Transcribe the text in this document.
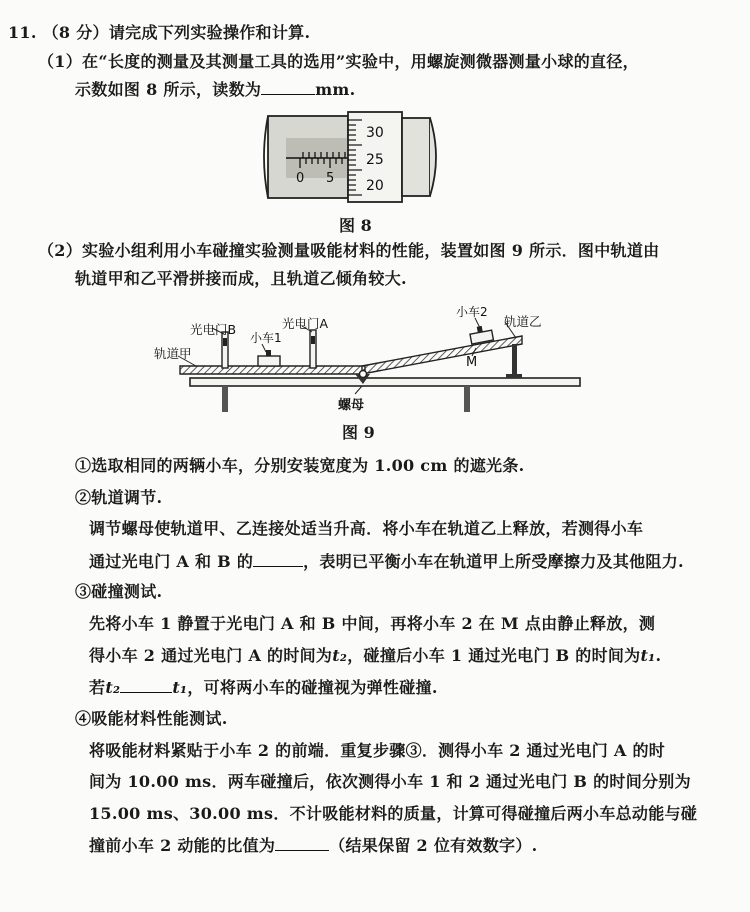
11. （8 分）请完成下列实验操作和计算.
（1）在“长度的测量及其测量工具的选用”实验中，用螺旋测微器测量小球的直径，
示数如图 8 所示，读数为	mm.
0 5
30
25
20
图 8
（2）实验小组利用小车碰撞实验测量吸能材料的性能，装置如图 9 所示．图中轨道由
轨道甲和乙平滑拼接而成，且轨道乙倾角较大.
光电门B
小车1
光电门A
小车2
轨道乙
轨道甲
M
螺母
图 9
①选取相同的两辆小车，分别安装宽度为 1.00 cm 的遮光条.
②轨道调节.
调节螺母使轨道甲、乙连接处适当升高．将小车在轨道乙上释放，若测得小车
通过光电门 A 和 B 的	，表明已平衡小车在轨道甲上所受摩擦力及其他阻力.
③碰撞测试.
先将小车 1 静置于光电门 A 和 B 中间，再将小车 2 在 M 点由静止释放，测
得小车 2 通过光电门 A 的时间为t₂，碰撞后小车 1 通过光电门 B 的时间为t₁.
若t₂	t₁，可将两小车的碰撞视为弹性碰撞.
④吸能材料性能测试.
将吸能材料紧贴于小车 2 的前端．重复步骤③．测得小车 2 通过光电门 A 的时
间为 10.00 ms．两车碰撞后，依次测得小车 1 和 2 通过光电门 B 的时间分别为
15.00 ms、30.00 ms．不计吸能材料的质量，计算可得碰撞后两小车总动能与碰
撞前小车 2 动能的比值为	（结果保留 2 位有效数字）.
